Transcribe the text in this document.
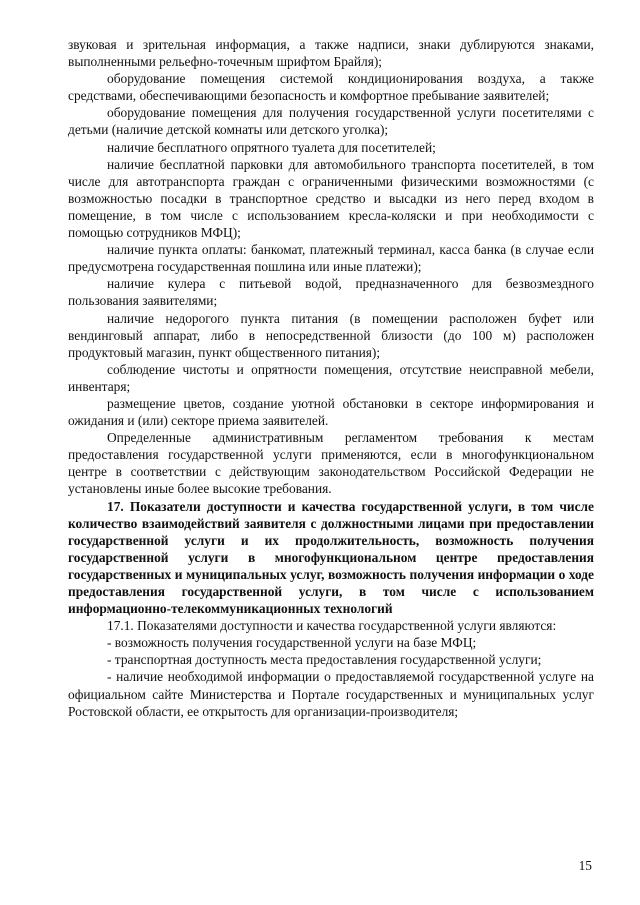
звуковая и зрительная информация, а также надписи, знаки дублируются знаками, выполненными рельефно-точечным шрифтом Брайля);

оборудование помещения системой кондиционирования воздуха, а также средствами, обеспечивающими безопасность и комфортное пребывание заявителей;

оборудование помещения для получения государственной услуги посетителями с детьми (наличие детской комнаты или детского уголка);

наличие бесплатного опрятного туалета для посетителей;

наличие бесплатной парковки для автомобильного транспорта посетителей, в том числе для автотранспорта граждан с ограниченными физическими возможностями (с возможностью посадки в транспортное средство и высадки из него перед входом в помещение, в том числе с использованием кресла-коляски и при необходимости с помощью сотрудников МФЦ);

наличие пункта оплаты: банкомат, платежный терминал, касса банка (в случае если предусмотрена государственная пошлина или иные платежи);

наличие кулера с питьевой водой, предназначенного для безвозмездного пользования заявителями;

наличие недорогого пункта питания (в помещении расположен буфет или вендинговый аппарат, либо в непосредственной близости (до 100 м) расположен продуктовый магазин, пункт общественного питания);

соблюдение чистоты и опрятности помещения, отсутствие неисправной мебели, инвентаря;

размещение цветов, создание уютной обстановки в секторе информирования и ожидания и (или) секторе приема заявителей.

Определенные административным регламентом требования к местам предоставления государственной услуги применяются, если в многофункциональном центре в соответствии с действующим законодательством Российской Федерации не установлены иные более высокие требования.

17. Показатели доступности и качества государственной услуги, в том числе количество взаимодействий заявителя с должностными лицами при предоставлении государственной услуги и их продолжительность, возможность получения государственной услуги в многофункциональном центре предоставления государственных и муниципальных услуг, возможность получения информации о ходе предоставления государственной услуги, в том числе с использованием информационно-телекоммуникационных технологий

17.1. Показателями доступности и качества государственной услуги являются:

- возможность получения государственной услуги на базе МФЦ;

- транспортная доступность места предоставления государственной услуги;

- наличие необходимой информации о предоставляемой государственной услуге на официальном сайте Министерства и Портале государственных и муниципальных услуг Ростовской области, ее открытость для организации-производителя;

15
